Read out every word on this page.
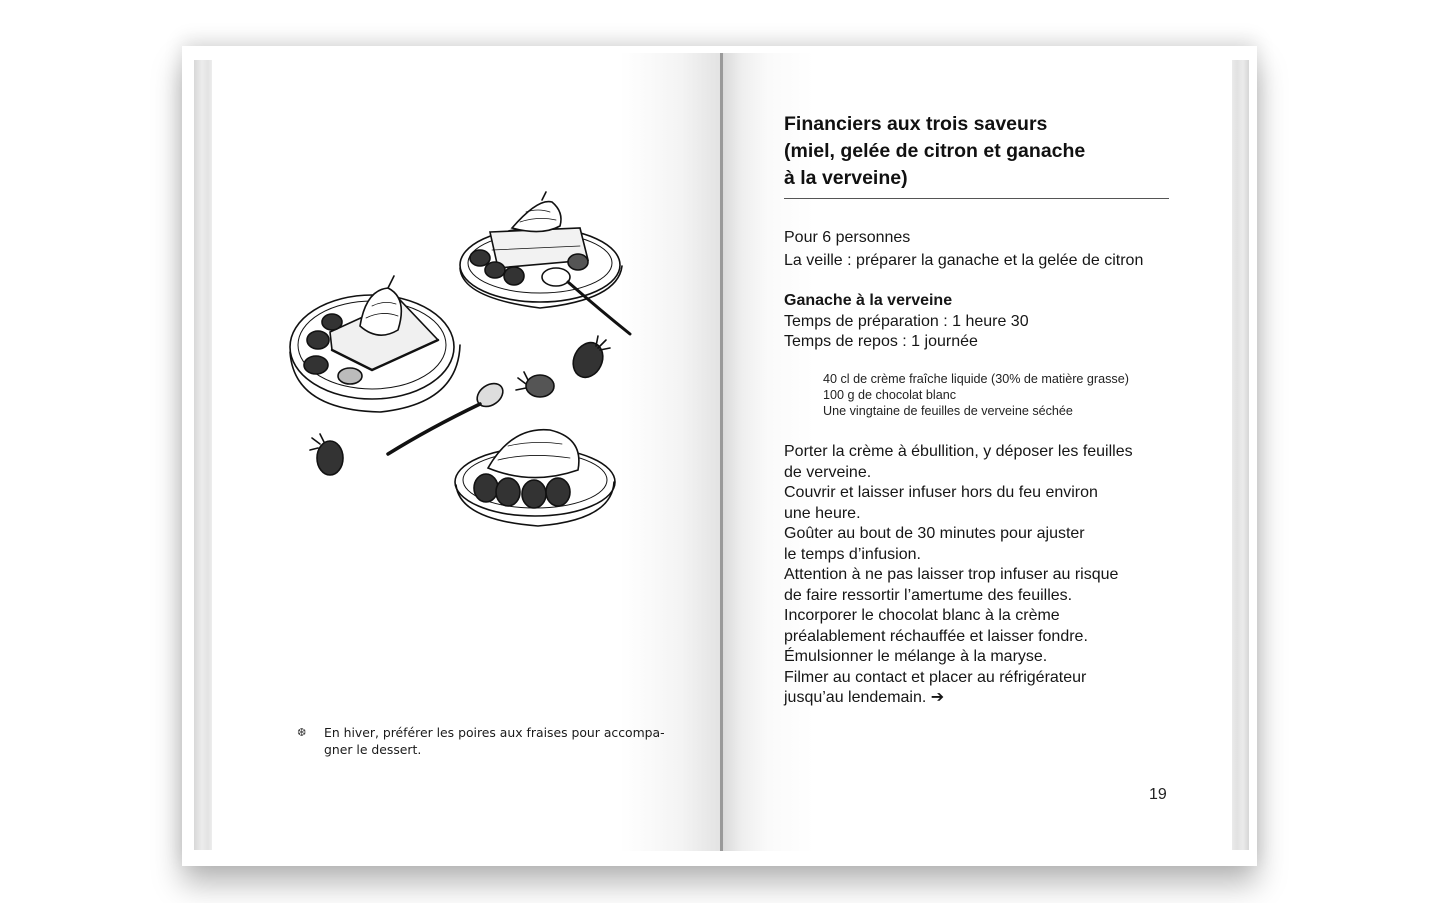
❆ En hiver, préférer les poires aux fraises pour accompa-
gner le dessert.
Financiers aux trois saveurs
(miel, gelée de citron et ganache
à la verveine)
Pour 6 personnes
La veille : préparer la ganache et la gelée de citron
Ganache à la verveine
Temps de préparation : 1 heure 30
Temps de repos : 1 journée
40 cl de crème fraîche liquide (30% de matière grasse)
100 g de chocolat blanc
Une vingtaine de feuilles de verveine séchée
Porter la crème à ébullition, y déposer les feuilles
de verveine.
Couvrir et laisser infuser hors du feu environ
une heure.
Goûter au bout de 30 minutes pour ajuster
le temps d’infusion.
Attention à ne pas laisser trop infuser au risque
de faire ressortir l’amertume des feuilles.
Incorporer le chocolat blanc à la crème
préalablement réchauffée et laisser fondre.
Émulsionner le mélange à la maryse.
Filmer au contact et placer au réfrigérateur
jusqu’au lendemain. ➔
19
